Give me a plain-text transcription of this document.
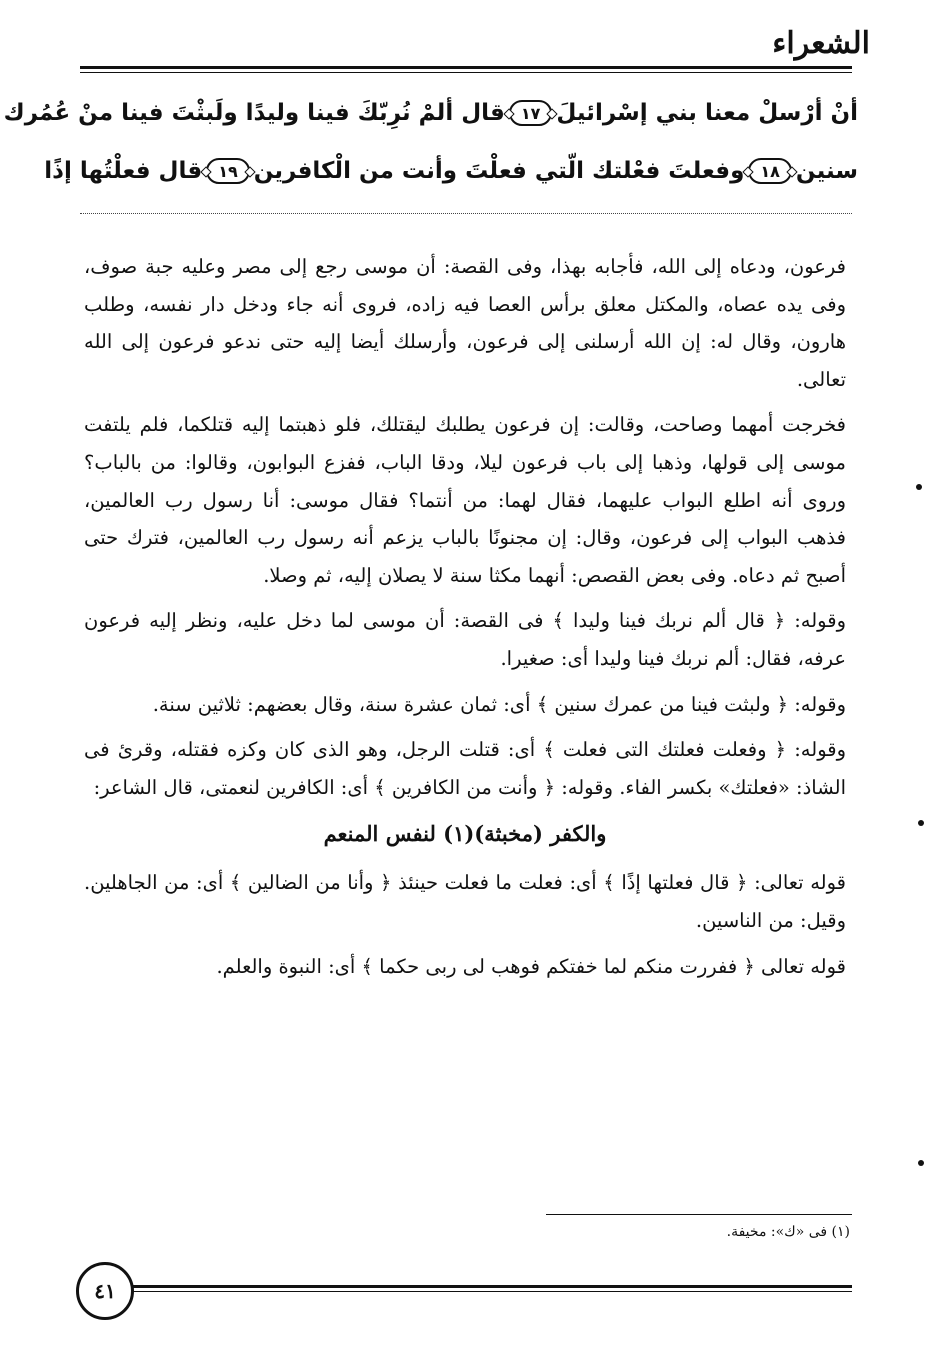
الشعراء
أنْ أرْسلْ معنا بني إسْرائيلَ
١٧
قال ألمْ نُرِبّكَ فينا وليدًا ولَبثْتَ فينا منْ عُمُرك
سنين
١٨
وفعلتَ فعْلتك الّتي فعلْتَ وأنت من الْكافرين
١٩
قال فعلْتُها إذًا

فرعون، ودعاه إلى الله، فأجابه بهذا، وفى القصة: أن موسى رجع إلى مصر وعليه جبة صوف، وفى يده عصاه، والمكتل معلق برأس العصا فيه زاده، فروى أنه جاء ودخل دار نفسه، وطلب هارون، وقال له: إن الله أرسلنى إلى فرعون، وأرسلك أيضا إليه حتى ندعو فرعون إلى الله تعالى.

فخرجت أمهما وصاحت، وقالت: إن فرعون يطلبك ليقتلك، فلو ذهبتما إليه قتلكما، فلم يلتفت موسى إلى قولها، وذهبا إلى باب فرعون ليلا، ودقا الباب، ففزع البوابون، وقالوا: من بالباب؟ وروى أنه اطلع البواب عليهما، فقال لهما: من أنتما؟ فقال موسى: أنا رسول رب العالمين، فذهب البواب إلى فرعون، وقال: إن مجنونًا بالباب يزعم أنه رسول رب العالمين، فترك حتى أصبح ثم دعاه. وفى بعض القصص: أنهما مكثا سنة لا يصلان إليه، ثم وصلا.

وقوله: ﴿ قال ألم نربك فينا وليدا ﴾ فى القصة: أن موسى لما دخل عليه، ونظر إليه فرعون عرفه، فقال: ألم نربك فينا وليدا أى: صغيرا.

وقوله: ﴿ ولبثت فينا من عمرك سنين ﴾ أى: ثمان عشرة سنة، وقال بعضهم: ثلاثين سنة.

وقوله: ﴿ وفعلت فعلتك التى فعلت ﴾ أى: قتلت الرجل، وهو الذى كان وكزه فقتله، وقرئ فى الشاذ: «فعلتك» بكسر الفاء. وقوله: ﴿ وأنت من الكافرين ﴾ أى: الكافرين لنعمتى، قال الشاعر:

والكفر (مخبثة)(١) لنفس المنعم

قوله تعالى: ﴿ قال فعلتها إذًا ﴾ أى: فعلت ما فعلت حينئذ ﴿ وأنا من الضالين ﴾ أى: من الجاهلين. وقيل: من الناسين.

قوله تعالى ﴿ ففررت منكم لما خفتكم فوهب لى ربى حكما ﴾ أى: النبوة والعلم.

(١) فى «ك»: مخيفة.
٤١
